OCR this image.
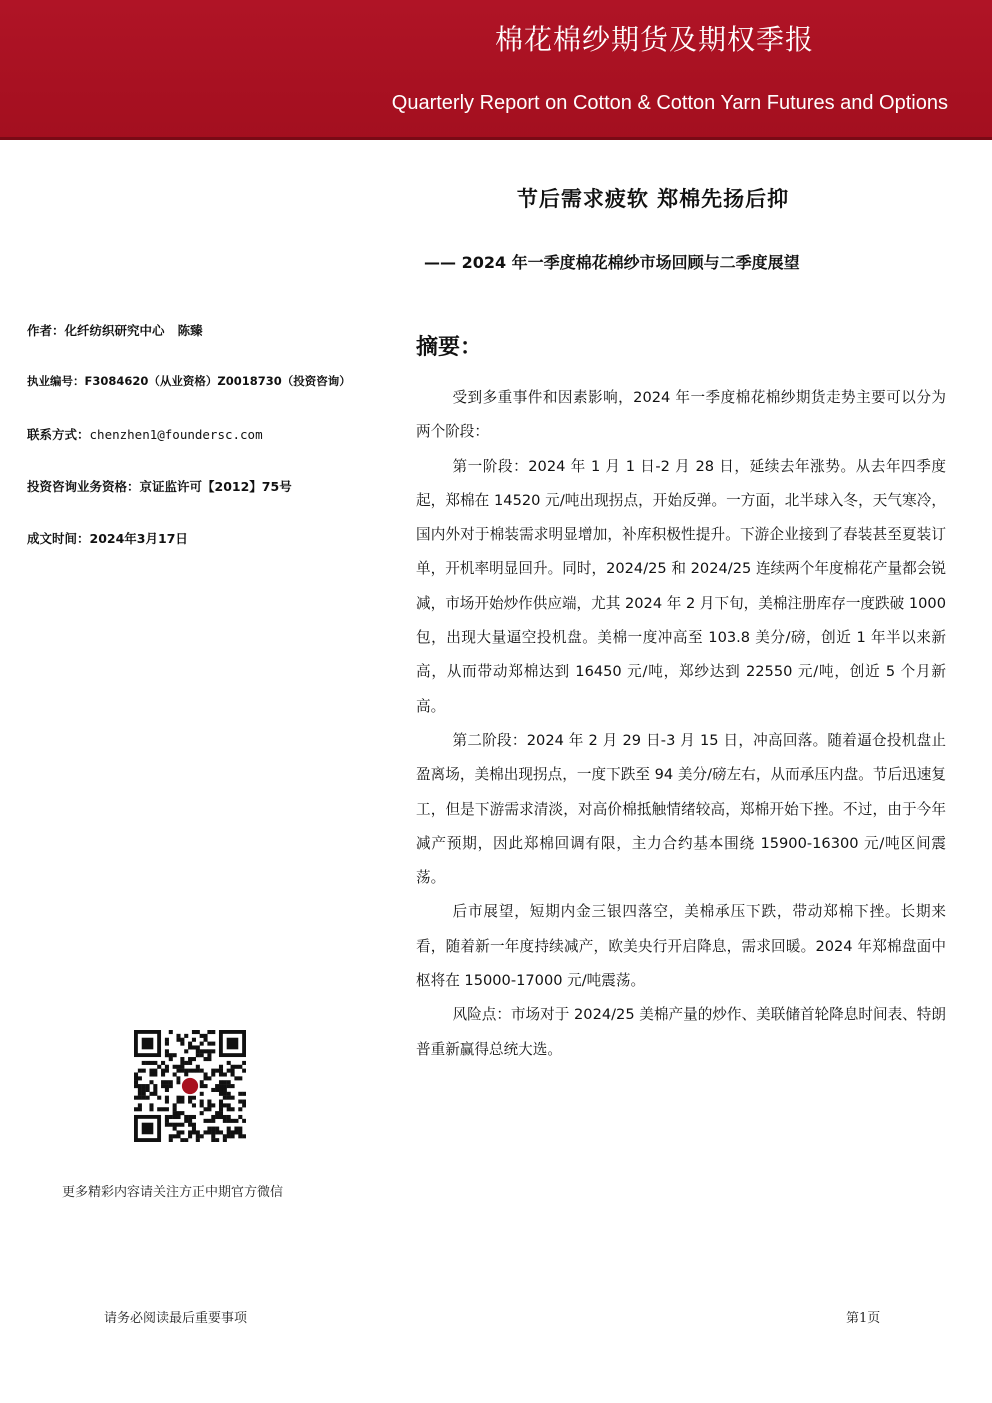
棉花棉纱期货及期权季报
Quarterly Report on Cotton & Cotton Yarn Futures and Options
节后需求疲软 郑棉先扬后抑
—— 2024 年一季度棉花棉纱市场回顾与二季度展望
作者：化纤纺织研究中心   陈臻
执业编号：F3084620（从业资格）Z0018730（投资咨询）
联系方式：chenzhen1@foundersc.com
投资咨询业务资格：京证监许可【2012】75号
成文时间：2024年3月17日
摘要：

受到多重事件和因素影响，2024 年一季度棉花棉纱期货走势主要可以分为两个阶段：

第一阶段：2024 年 1 月 1 日-2 月 28 日，延续去年涨势。从去年四季度起，郑棉在 14520 元/吨出现拐点，开始反弹。一方面，北半球入冬，天气寒冷，国内外对于棉装需求明显增加，补库积极性提升。下游企业接到了春装甚至夏装订单，开机率明显回升。同时，2024/25 和 2024/25 连续两个年度棉花产量都会锐减，市场开始炒作供应端，尤其 2024 年 2 月下旬，美棉注册库存一度跌破 1000 包，出现大量逼空投机盘。美棉一度冲高至 103.8 美分/磅，创近 1 年半以来新高，从而带动郑棉达到 16450 元/吨，郑纱达到 22550 元/吨，创近 5 个月新高。

第二阶段：2024 年 2 月 29 日-3 月 15 日，冲高回落。随着逼仓投机盘止盈离场，美棉出现拐点，一度下跌至 94 美分/磅左右，从而承压内盘。节后迅速复工，但是下游需求清淡，对高价棉抵触情绪较高，郑棉开始下挫。不过，由于今年减产预期，因此郑棉回调有限，主力合约基本围绕 15900-16300 元/吨区间震荡。

后市展望，短期内金三银四落空，美棉承压下跌，带动郑棉下挫。长期来看，随着新一年度持续减产，欧美央行开启降息，需求回暖。2024 年郑棉盘面中枢将在 15000-17000 元/吨震荡。

风险点：市场对于 2024/25 美棉产量的炒作、美联储首轮降息时间表、特朗普重新赢得总统大选。

更多精彩内容请关注方正中期官方微信
请务必阅读最后重要事项	第1页
